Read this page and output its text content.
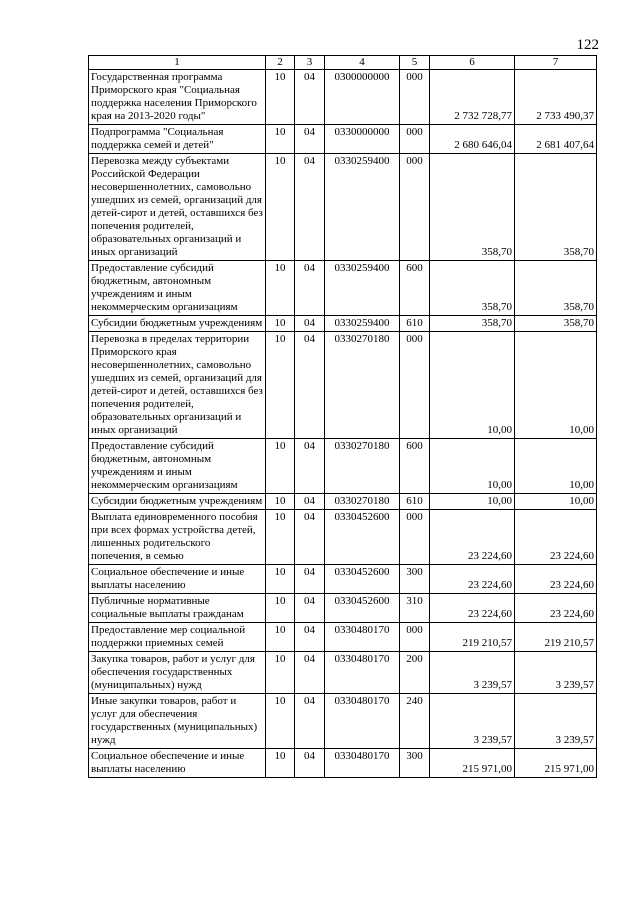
122
1	2	3	4	5	6	7
Государственная программа Приморского края "Социальная поддержка населения Приморского края на 2013-2020 годы"	10	04	0300000000	000	2 732 728,77	2 733 490,37
Подпрограмма "Социальная поддержка семей и детей"	10	04	0330000000	000	2 680 646,04	2 681 407,64
Перевозка между субъектами Российской Федерации несовершеннолетних, самовольно ушедших из семей, организаций для детей-сирот и детей, оставшихся без попечения родителей, образовательных организаций и иных организаций	10	04	0330259400	000	358,70	358,70
Предоставление субсидий бюджетным, автономным учреждениям и иным некоммерческим организациям	10	04	0330259400	600	358,70	358,70
Субсидии бюджетным учреждениям	10	04	0330259400	610	358,70	358,70
Перевозка в пределах территории Приморского края несовершеннолетних, самовольно ушедших из семей, организаций для детей-сирот и детей, оставшихся без попечения родителей, образовательных организаций и иных организаций	10	04	0330270180	000	10,00	10,00
Предоставление субсидий бюджетным, автономным учреждениям и иным некоммерческим организациям	10	04	0330270180	600	10,00	10,00
Субсидии бюджетным учреждениям	10	04	0330270180	610	10,00	10,00
Выплата единовременного пособия при всех формах устройства детей, лишенных родительского попечения, в семью	10	04	0330452600	000	23 224,60	23 224,60
Социальное обеспечение и иные выплаты населению	10	04	0330452600	300	23 224,60	23 224,60
Публичные нормативные социальные выплаты гражданам	10	04	0330452600	310	23 224,60	23 224,60
Предоставление мер социальной поддержки приемных семей	10	04	0330480170	000	219 210,57	219 210,57
Закупка товаров, работ и услуг для обеспечения государственных (муниципальных) нужд	10	04	0330480170	200	3 239,57	3 239,57
Иные закупки товаров, работ и услуг для обеспечения государственных (муниципальных) нужд	10	04	0330480170	240	3 239,57	3 239,57
Социальное обеспечение и иные выплаты населению	10	04	0330480170	300	215 971,00	215 971,00
